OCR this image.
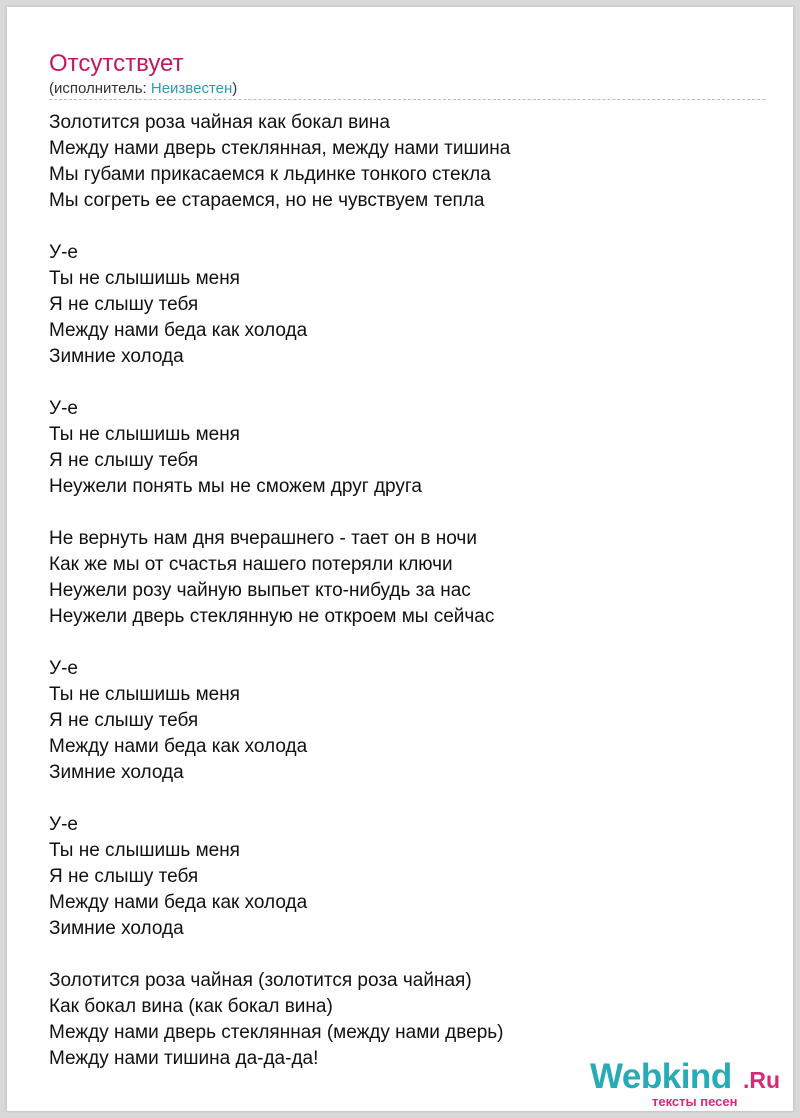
Отсутствует
(исполнитель: Неизвестен)
Золотится роза чайная как бокал вина
Между нами дверь стеклянная, между нами тишина
Мы губами прикасаемся к льдинке тонкого стекла
Мы согреть ее стараемся, но не чувствуем тепла
У-е
Ты не слышишь меня
Я не слышу тебя
Между нами беда как холода
Зимние холода
У-е
Ты не слышишь меня
Я не слышу тебя
Неужели понять мы не сможем друг друга
Не вернуть нам дня вчерашнего - тает он в ночи
Как же мы от счастья нашего потеряли ключи
Неужели розу чайную выпьет кто-нибудь за нас
Неужели дверь стеклянную не откроем мы сейчас
У-е
Ты не слышишь меня
Я не слышу тебя
Между нами беда как холода
Зимние холода
У-е
Ты не слышишь меня
Я не слышу тебя
Между нами беда как холода
Зимние холода
Золотится роза чайная (золотится роза чайная)
Как бокал вина (как бокал вина)
Между нами дверь стеклянная (между нами дверь)
Между нами тишина да-да-да!	Webkind .Ru
тексты песен
